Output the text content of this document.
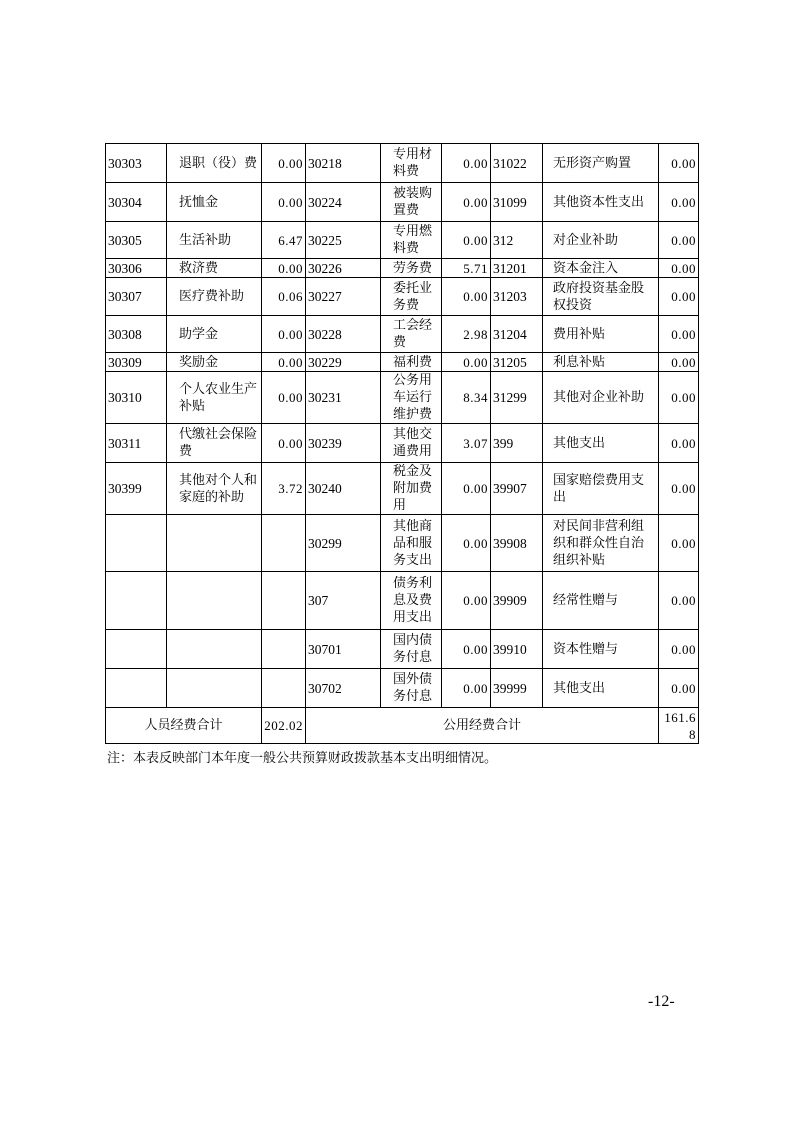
30303	退职（役）费	0.00	30218	专用材料费	0.00	31022	无形资产购置	0.00
30304	抚恤金	0.00	30224	被装购置费	0.00	31099	其他资本性支出	0.00
30305	生活补助	6.47	30225	专用燃料费	0.00	312	对企业补助	0.00
30306	救济费	0.00	30226	劳务费	5.71	31201	资本金注入	0.00
30307	医疗费补助	0.06	30227	委托业务费	0.00	31203	政府投资基金股权投资	0.00
30308	助学金	0.00	30228	工会经费	2.98	31204	费用补贴	0.00
30309	奖励金	0.00	30229	福利费	0.00	31205	利息补贴	0.00
30310	个人农业生产补贴	0.00	30231	公务用车运行维护费	8.34	31299	其他对企业补助	0.00
30311	代缴社会保险费	0.00	30239	其他交通费用	3.07	399	其他支出	0.00
30399	其他对个人和家庭的补助	3.72	30240	税金及附加费用	0.00	39907	国家赔偿费用支出	0.00
			30299	其他商品和服务支出	0.00	39908	对民间非营利组织和群众性自治组织补贴	0.00
			307	债务利息及费用支出	0.00	39909	经常性赠与	0.00
			30701	国内债务付息	0.00	39910	资本性赠与	0.00
			30702	国外债务付息	0.00	39999	其他支出	0.00
人员经费合计		202.02	公用经费合计					161.68
注：本表反映部门本年度一般公共预算财政拨款基本支出明细情况。
-12-
